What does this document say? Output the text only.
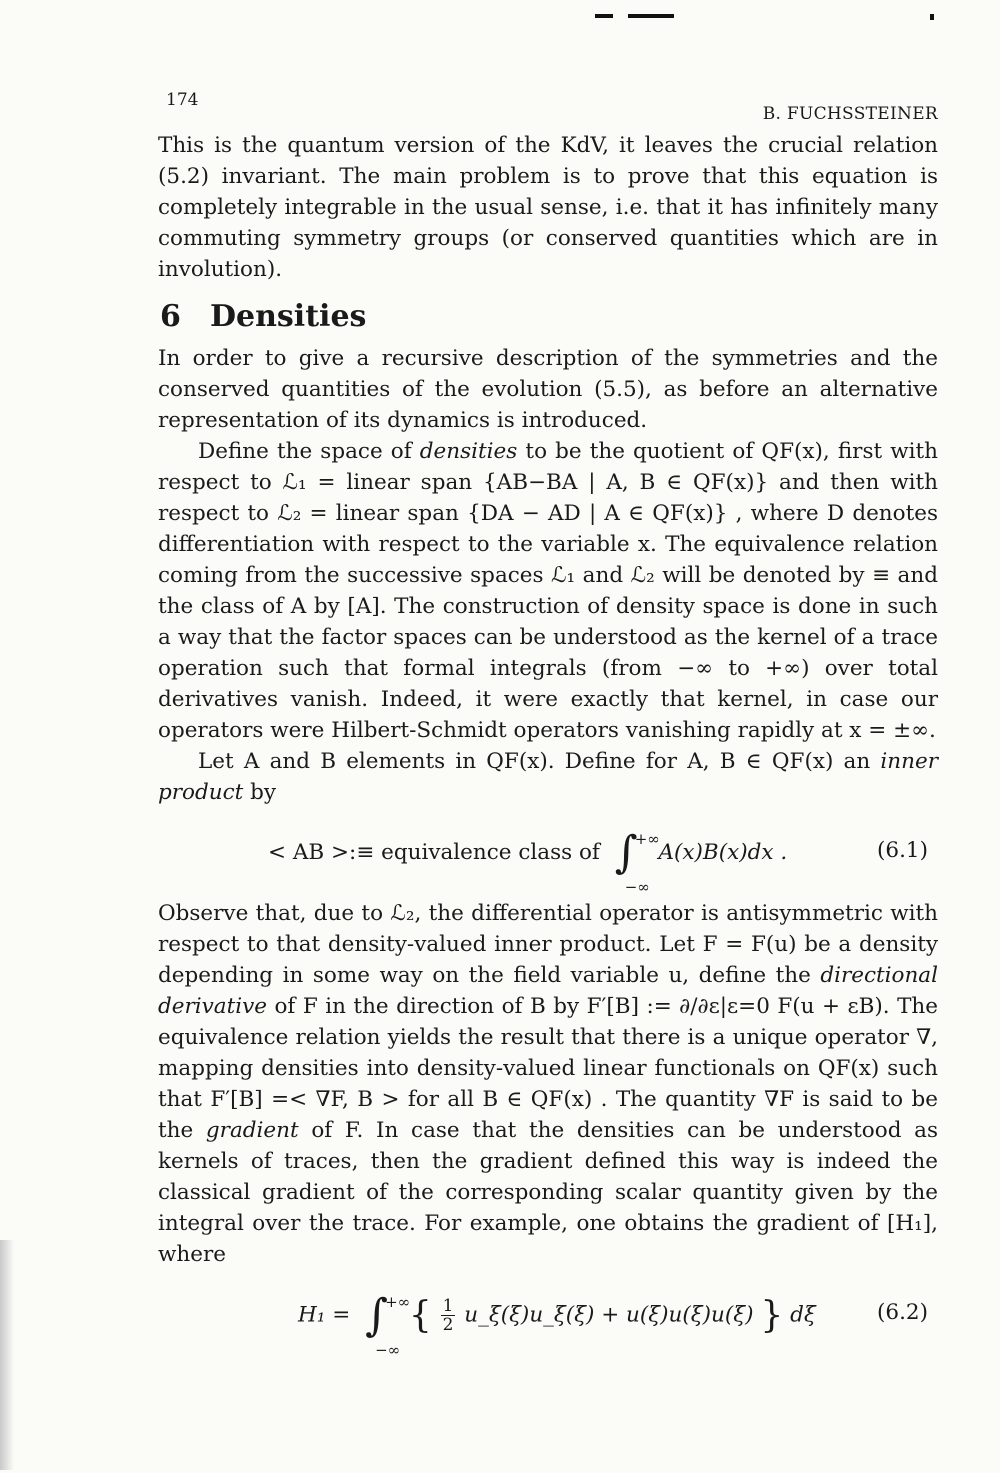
174
B. FUCHSSTEINER

This is the quantum version of the KdV, it leaves the crucial relation (5.2) invariant. The main problem is to prove that this equation is completely integrable in the usual sense, i.e. that it has infinitely many commuting symmetry groups (or conserved quantities which are in involution).

6 Densities

In order to give a recursive description of the symmetries and the conserved quantities of the evolution (5.5), as before an alternative representation of its dynamics is introduced.

Define the space of densities to be the quotient of QF(x), first with respect to ℒ₁ = linear span {AB−BA | A, B ∈ QF(x)} and then with respect to ℒ₂ = linear span {DA − AD | A ∈ QF(x)} , where D denotes differentiation with respect to the variable x. The equivalence relation coming from the successive spaces ℒ₁ and ℒ₂ will be denoted by ≡ and the class of A by [A]. The construction of density space is done in such a way that the factor spaces can be understood as the kernel of a trace operation such that formal integrals (from −∞ to +∞) over total derivatives vanish. Indeed, it were exactly that kernel, in case our operators were Hilbert-Schmidt operators vanishing rapidly at x = ±∞.

Let A and B elements in QF(x). Define for A, B ∈ QF(x) an inner product by

< AB >:≡ equivalence class of ∫
+∞
−∞
A(x)B(x)dx .	(6.1)

Observe that, due to ℒ₂, the differential operator is antisymmetric with respect to that density-valued inner product. Let F = F(u) be a density depending in some way on the field variable u, define the directional derivative of F in the direction of B by F′[B] := ∂/∂ε|ε=0 F(u + εB). The equivalence relation yields the result that there is a unique operator ∇, mapping densities into density-valued linear functionals on QF(x) such that F′[B] =< ∇F, B > for all B ∈ QF(x) . The quantity ∇F is said to be the gradient of F. In case that the densities can be understood as kernels of traces, then the gradient defined this way is indeed the classical gradient of the corresponding scalar quantity given by the integral over the trace. For example, one obtains the gradient of [H₁], where

H₁ = ∫
+∞
−∞
{ $\frac{1}{2}$ u_ξ(ξ)u_ξ(ξ) + u(ξ)u(ξ)u(ξ) } dξ	(6.2)
